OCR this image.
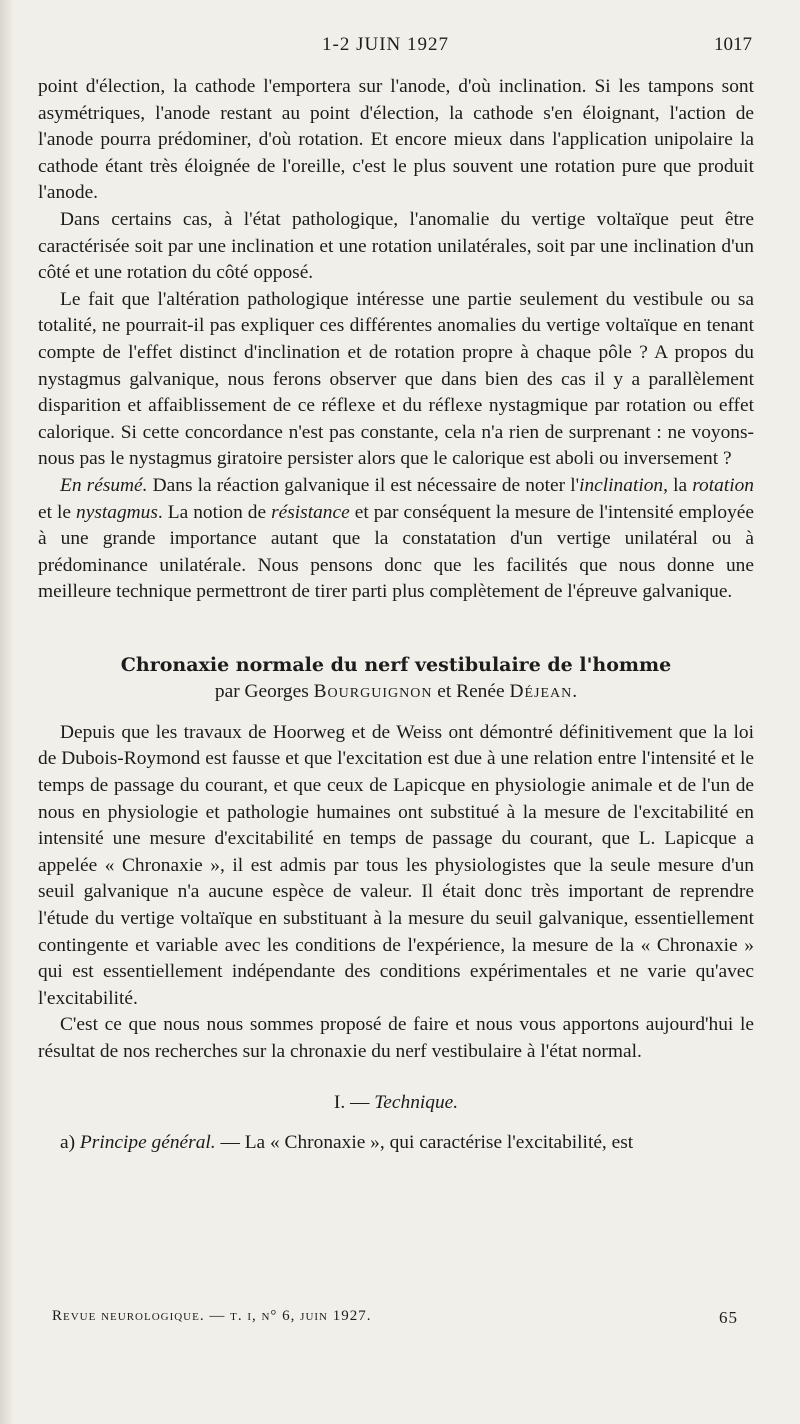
1-2 JUIN 1927	1017

point d'élection, la cathode l'emportera sur l'anode, d'où inclination. Si les tampons sont asymétriques, l'anode restant au point d'élection, la cathode s'en éloignant, l'action de l'anode pourra prédominer, d'où rotation. Et encore mieux dans l'application unipolaire la cathode étant très éloignée de l'oreille, c'est le plus souvent une rotation pure que produit l'anode.

Dans certains cas, à l'état pathologique, l'anomalie du vertige voltaïque peut être caractérisée soit par une inclination et une rotation unilatérales, soit par une inclination d'un côté et une rotation du côté opposé.

Le fait que l'altération pathologique intéresse une partie seulement du vestibule ou sa totalité, ne pourrait-il pas expliquer ces différentes anomalies du vertige voltaïque en tenant compte de l'effet distinct d'inclination et de rotation propre à chaque pôle ? A propos du nystagmus galvanique, nous ferons observer que dans bien des cas il y a parallèlement disparition et affaiblissement de ce réflexe et du réflexe nystagmique par rotation ou effet calorique. Si cette concordance n'est pas constante, cela n'a rien de surprenant : ne voyons-nous pas le nystagmus giratoire persister alors que le calorique est aboli ou inversement ?

En résumé. Dans la réaction galvanique il est nécessaire de noter l'inclination, la rotation et le nystagmus. La notion de résistance et par conséquent la mesure de l'intensité employée à une grande importance autant que la constatation d'un vertige unilatéral ou à prédominance unilatérale. Nous pensons donc que les facilités que nous donne une meilleure technique permettront de tirer parti plus complètement de l'épreuve galvanique.

Chronaxie normale du nerf vestibulaire de l'homme
par Georges Bourguignon et Renée Déjean.

Depuis que les travaux de Hoorweg et de Weiss ont démontré définitivement que la loi de Dubois-Roymond est fausse et que l'excitation est due à une relation entre l'intensité et le temps de passage du courant, et que ceux de Lapicque en physiologie animale et de l'un de nous en physiologie et pathologie humaines ont substitué à la mesure de l'excitabilité en intensité une mesure d'excitabilité en temps de passage du courant, que L. Lapicque a appelée « Chronaxie », il est admis par tous les physiologistes que la seule mesure d'un seuil galvanique n'a aucune espèce de valeur. Il était donc très important de reprendre l'étude du vertige voltaïque en substituant à la mesure du seuil galvanique, essentiellement contingente et variable avec les conditions de l'expérience, la mesure de la « Chronaxie » qui est essentiellement indépendante des conditions expérimentales et ne varie qu'avec l'excitabilité.

C'est ce que nous nous sommes proposé de faire et nous vous apportons aujourd'hui le résultat de nos recherches sur la chronaxie du nerf vestibulaire à l'état normal.

I. — Technique.

a) Principe général. — La « Chronaxie », qui caractérise l'excitabilité, est

Revue neurologique. — t. i, n° 6, juin 1927.	65
